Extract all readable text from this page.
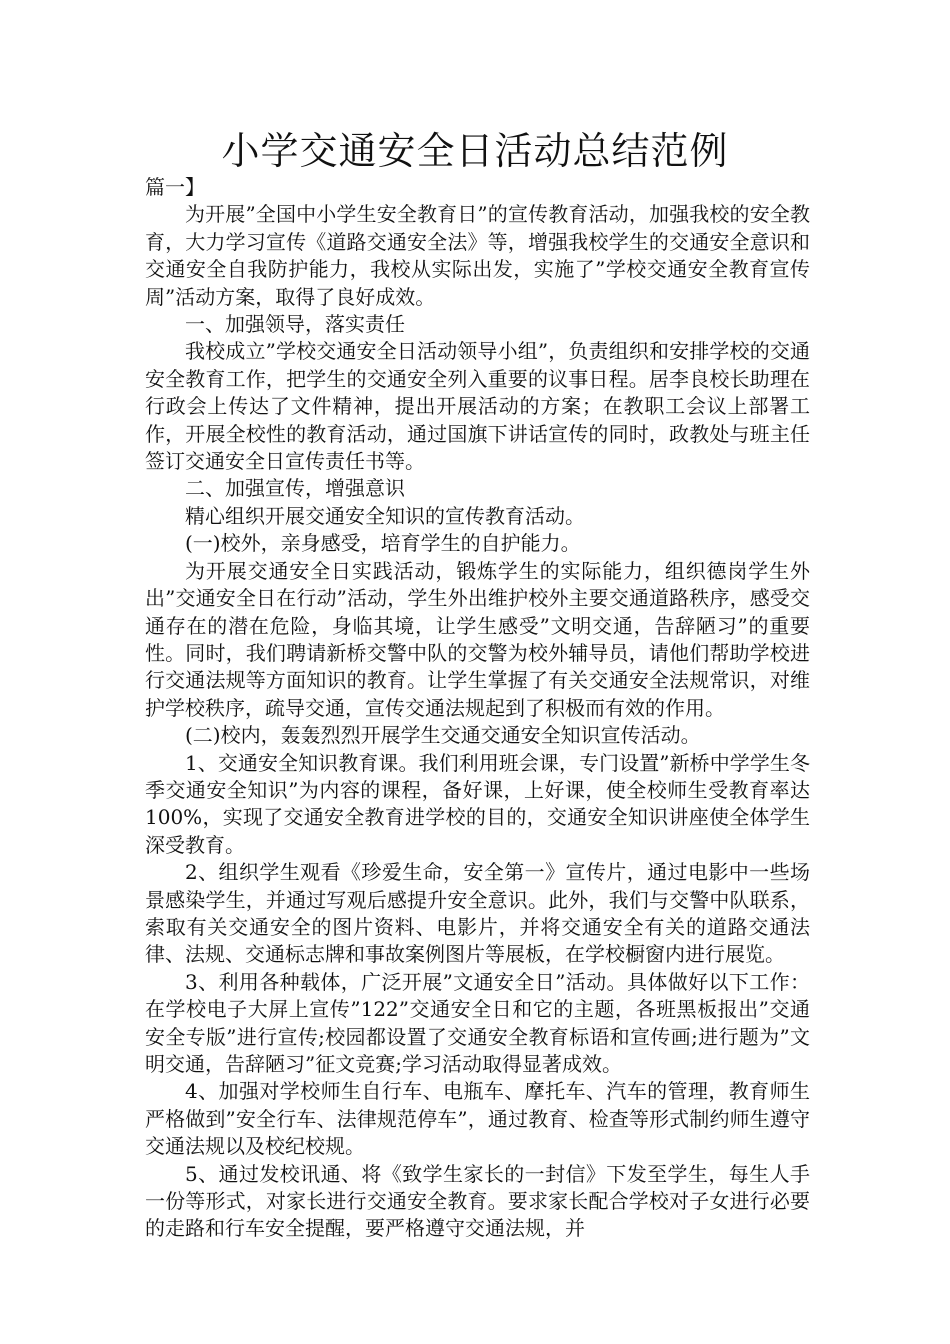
小学交通安全日活动总结范例

篇一】

为开展”全国中小学生安全教育日”的宣传教育活动，加强我校的安全教育，大力学习宣传《道路交通安全法》等，增强我校学生的交通安全意识和交通安全自我防护能力，我校从实际出发，实施了”学校交通安全教育宣传周”活动方案，取得了良好成效。

一、加强领导，落实责任

我校成立”学校交通安全日活动领导小组”，负责组织和安排学校的交通安全教育工作，把学生的交通安全列入重要的议事日程。居李良校长助理在行政会上传达了文件精神，提出开展活动的方案；在教职工会议上部署工作，开展全校性的教育活动，通过国旗下讲话宣传的同时，政教处与班主任签订交通安全日宣传责任书等。

二、加强宣传，增强意识

精心组织开展交通安全知识的宣传教育活动。

(一)校外，亲身感受，培育学生的自护能力。

为开展交通安全日实践活动，锻炼学生的实际能力，组织德岗学生外出”交通安全日在行动”活动，学生外出维护校外主要交通道路秩序，感受交通存在的潜在危险，身临其境，让学生感受”文明交通，告辞陋习”的重要性。同时，我们聘请新桥交警中队的交警为校外辅导员，请他们帮助学校进行交通法规等方面知识的教育。让学生掌握了有关交通安全法规常识，对维护学校秩序，疏导交通，宣传交通法规起到了积极而有效的作用。

(二)校内，轰轰烈烈开展学生交通交通安全知识宣传活动。

1、交通安全知识教育课。我们利用班会课，专门设置”新桥中学学生冬季交通安全知识”为内容的课程，备好课，上好课，使全校师生受教育率达100%，实现了交通安全教育进学校的目的，交通安全知识讲座使全体学生深受教育。

2、组织学生观看《珍爱生命，安全第一》宣传片，通过电影中一些场景感染学生，并通过写观后感提升安全意识。此外，我们与交警中队联系，索取有关交通安全的图片资料、电影片，并将交通安全有关的道路交通法律、法规、交通标志牌和事故案例图片等展板，在学校橱窗内进行展览。

3、利用各种载体，广泛开展”文通安全日”活动。具体做好以下工作：在学校电子大屏上宣传”122”交通安全日和它的主题，各班黑板报出”交通安全专版”进行宣传;校园都设置了交通安全教育标语和宣传画;进行题为”文明交通，告辞陋习”征文竞赛;学习活动取得显著成效。

4、加强对学校师生自行车、电瓶车、摩托车、汽车的管理，教育师生严格做到”安全行车、法律规范停车”，通过教育、检查等形式制约师生遵守交通法规以及校纪校规。

5、通过发校讯通、将《致学生家长的一封信》下发至学生，每生人手一份等形式，对家长进行交通安全教育。要求家长配合学校对子女进行必要的走路和行车安全提醒，要严格遵守交通法规，并
